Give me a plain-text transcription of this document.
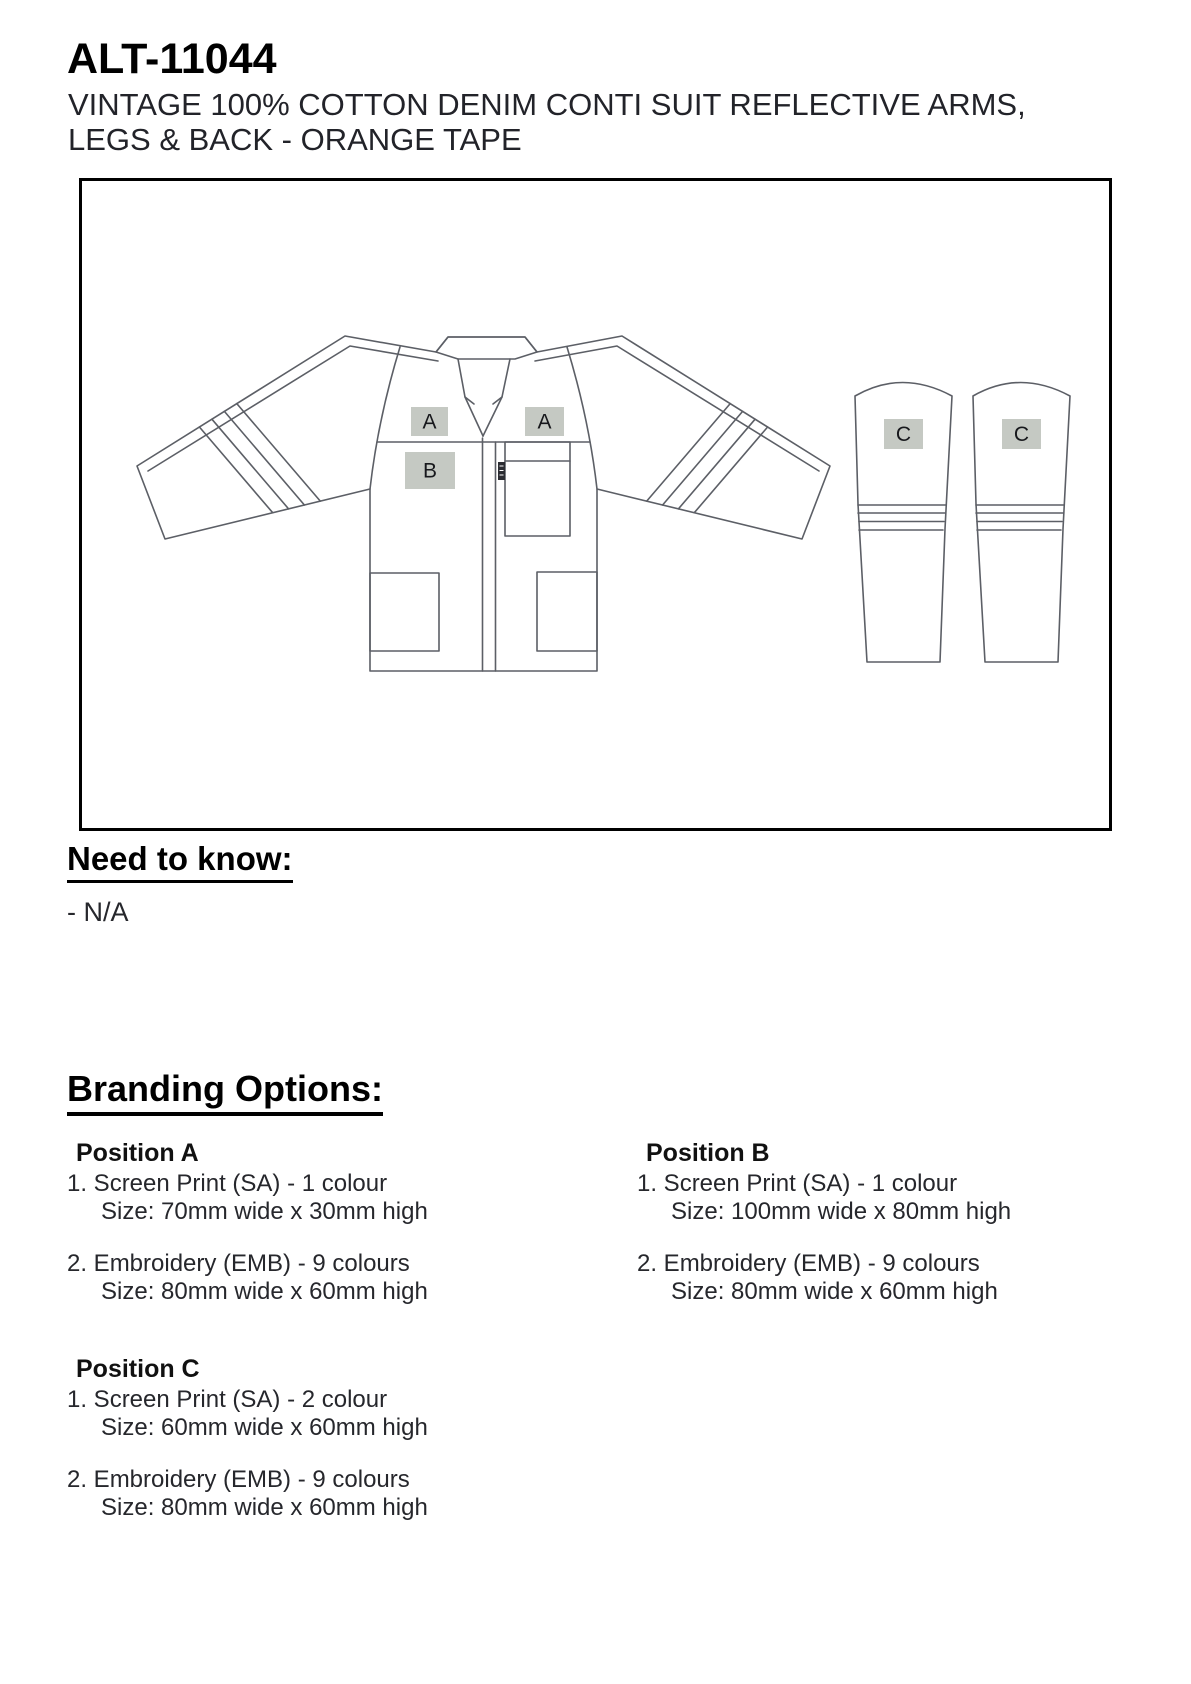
ALT-11044
VINTAGE 100% COTTON DENIM CONTI SUIT REFLECTIVE ARMS,
LEGS & BACK - ORANGE TAPE
A	A
B
C	C
Need to know:
- N/A
Branding Options:
Position A
1. Screen Print (SA) - 1 colour
Size: 70mm wide x 30mm high
2. Embroidery (EMB) - 9 colours
Size: 80mm wide x 60mm high
Position B
1. Screen Print (SA) - 1 colour
Size: 100mm wide x 80mm high
2. Embroidery (EMB) - 9 colours
Size: 80mm wide x 60mm high
Position C
1. Screen Print (SA) - 2 colour
Size: 60mm wide x 60mm high
2. Embroidery (EMB) - 9 colours
Size: 80mm wide x 60mm high
